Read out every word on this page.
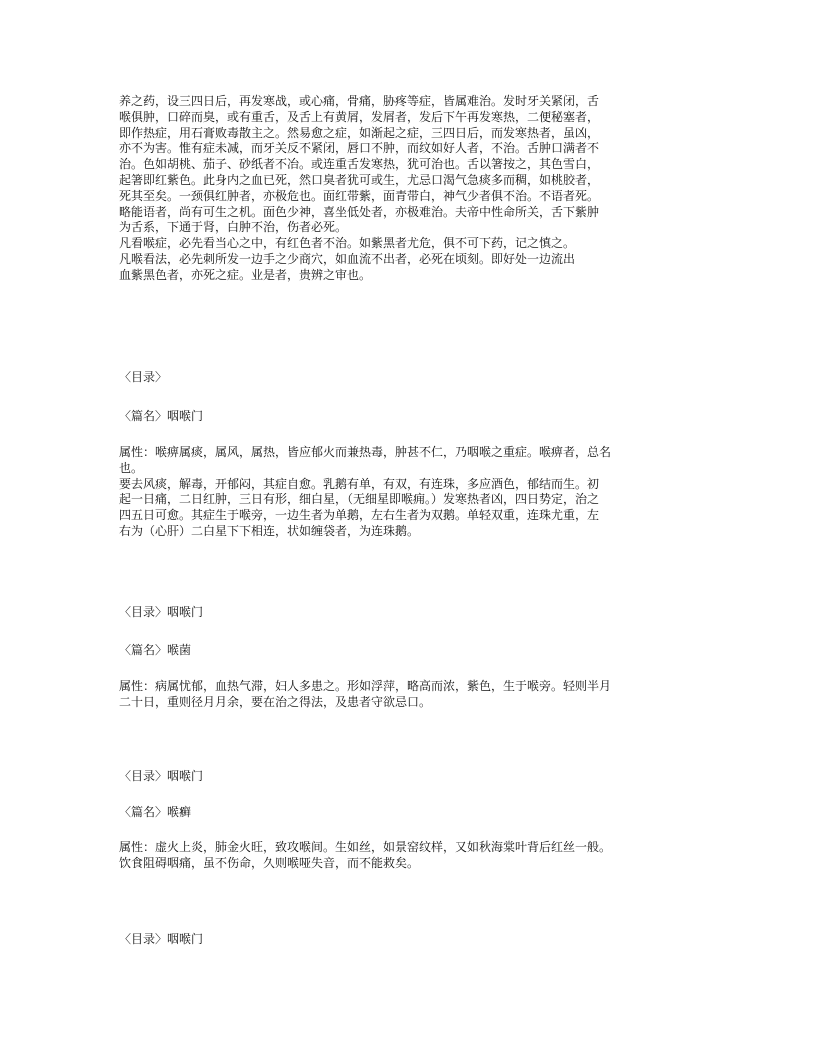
养之药，设三四日后，再发寒战，或心痛，骨痛，胁疼等症，皆属难治。发时牙关紧闭，舌
喉俱肿，口碎而臭，或有重舌，及舌上有黄屑，发屑者，发后下午再发寒热，二便秘塞者，
即作热症，用石膏败毒散主之。然易愈之症，如渐起之症，三四日后，而发寒热者，虽凶，
亦不为害。惟有症未减，而牙关反不紧闭，唇口不肿，而纹如好人者，不治。舌肿口满者不
治。色如胡桃、茄子、砂纸者不冶。或连重舌发寒热，犹可治也。舌以箸按之，其色雪白，
起箸即红紫色。此身内之血已死，然口臭者犹可或生，尤忌口渴气急痰多而稠，如桃胶者，
死其至矣。一颈俱红肿者，亦极危也。面红带紫，面青带白，神气少者俱不治。不语者死。
略能语者，尚有可生之机。面色少神，喜坐低处者，亦极难治。夫帝中性命所关，舌下紫肿
为舌系，下通于肾，白肿不治，伤者必死。
凡看喉症，必先看当心之中，有红色者不治。如紫黑者尤危，俱不可下药，记之慎之。
凡喉看法，必先刺所发一边手之少商穴，如血流不出者，必死在顷刻。即好处一边流出
血紫黑色者，亦死之症。业是者，贵辨之审也。
〈目录〉
〈篇名〉咽喉门
属性：喉痹属痰，属风，属热，皆应郁火而兼热毒，肿甚不仁，乃咽喉之重症。喉痹者，总名
也。
要去风痰，解毒，开郁闷，其症自愈。乳鹅有单，有双，有连珠，多应酒色，郁结而生。初
起一日痛，二日红肿，三日有形，细白星，（无细星即喉痈。）发寒热者凶，四日势定，治之
四五日可愈。其症生于喉旁，一边生者为单鹅，左右生者为双鹅。单轻双重，连珠尤重，左
右为（心肝）二白星下下相连，状如缠袋者，为连珠鹅。
〈目录〉咽喉门
〈篇名〉喉菌
属性：病属忧郁，血热气滞，妇人多患之。形如浮萍，略高而浓，紫色，生于喉旁。轻则半月
二十日，重则径月月余，要在治之得法，及患者守欲忌口。
〈目录〉咽喉门
〈篇名〉喉癣
属性：虚火上炎，肺金火旺，致攻喉间。生如丝，如景窑纹样，又如秋海棠叶背后红丝一般。
饮食阻碍咽痛，虽不伤命，久则喉哑失音，而不能救矣。
〈目录〉咽喉门
